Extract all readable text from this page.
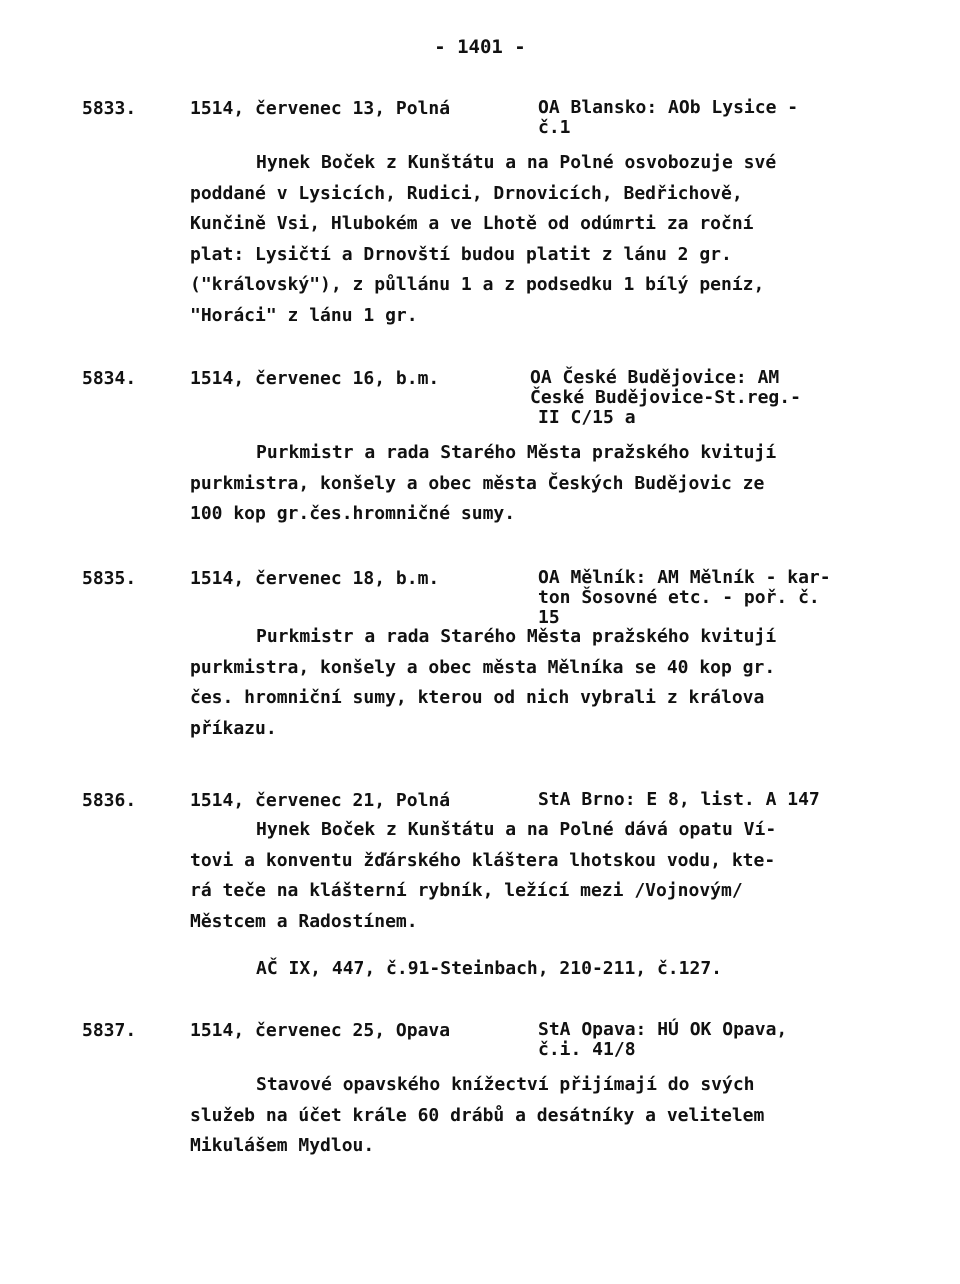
- 1401 -
5833.	1514, červenec 13, Polná	OA Blansko: AOb Lysice -
č.1
Hynek Boček z Kunštátu a na Polné osvobozuje své
poddané v Lysicích, Rudici, Drnovicích, Bedřichově,
Kunčině Vsi, Hlubokém a ve Lhotě od odúmrti za roční
plat: Lysičtí a Drnovští budou platit z lánu 2 gr.
("královský"), z půllánu 1 a z podsedku 1 bílý peníz,
"Horáci" z lánu 1 gr.
5834.	1514, červenec 16, b.m.	OA České Budějovice: AM
České Budějovice-St.reg.-
II C/15 a
Purkmistr a rada Starého Města pražského kvitují
purkmistra, konšely a obec města Českých Budějovic ze
100 kop gr.čes.hromničné sumy.
5835.	1514, červenec 18, b.m.	OA Mělník: AM Mělník - kar-
ton Šosovné etc. - poř. č.
15
Purkmistr a rada Starého Města pražského kvitují
purkmistra, konšely a obec města Mělníka se 40 kop gr.
čes. hromniční sumy, kterou od nich vybrali z králova
příkazu.
5836.	1514, červenec 21, Polná	StA Brno: E 8, list. A 147
Hynek Boček z Kunštátu a na Polné dává opatu Ví-
tovi a konventu žďárského kláštera lhotskou vodu, kte-
rá teče na klášterní rybník, ležící mezi /Vojnovým/
Městcem a Radostínem.
AČ IX, 447, č.91-Steinbach, 210-211, č.127.
5837.	1514, červenec 25, Opava	StA Opava: HÚ OK Opava,
č.i. 41/8
Stavové opavského knížectví přijímají do svých
služeb na účet krále 60 drábů a desátníky a velitelem
Mikulášem Mydlou.
